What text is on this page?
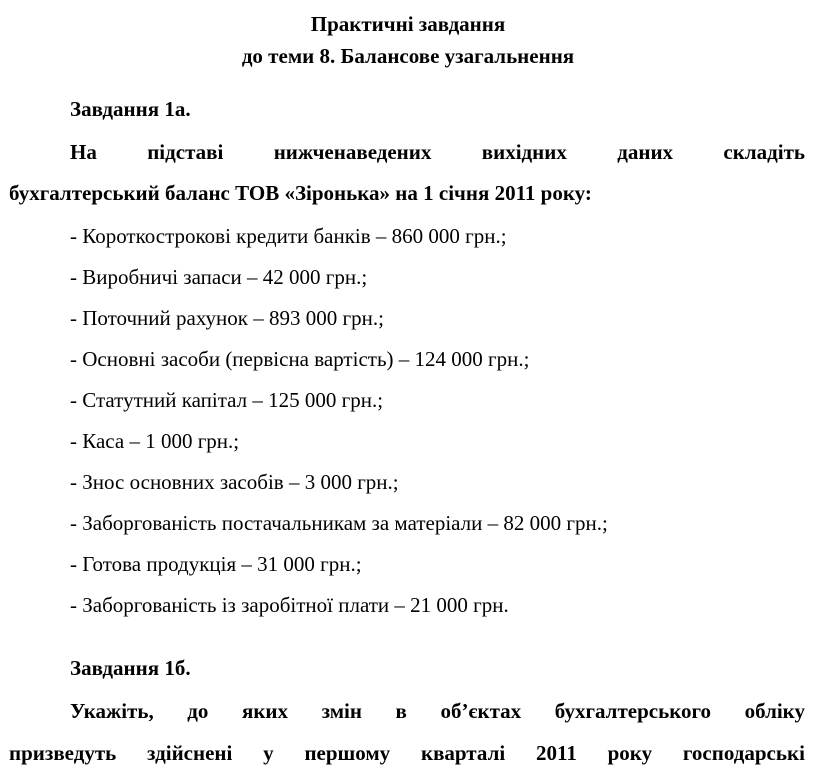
Практичні завдання
до теми 8. Балансове узагальнення
Завдання 1а.
На підставі нижченаведених вихідних даних складіть
бухгалтерський баланс ТОВ «Зіронька» на 1 січня 2011 року:
- Короткострокові кредити банків – 860 000 грн.;
- Виробничі запаси – 42 000 грн.;
- Поточний рахунок – 893 000 грн.;
- Основні засоби (первісна вартість) – 124 000 грн.;
- Статутний капітал – 125 000 грн.;
- Каса – 1 000 грн.;
- Знос основних засобів – 3 000 грн.;
- Заборгованість постачальникам за матеріали – 82 000 грн.;
- Готова продукція – 31 000 грн.;
- Заборгованість із заробітної плати – 21 000 грн.
Завдання 1б.
Укажіть, до яких змін в об’єктах бухгалтерського обліку
призведуть здійснені у першому кварталі 2011 року господарські
